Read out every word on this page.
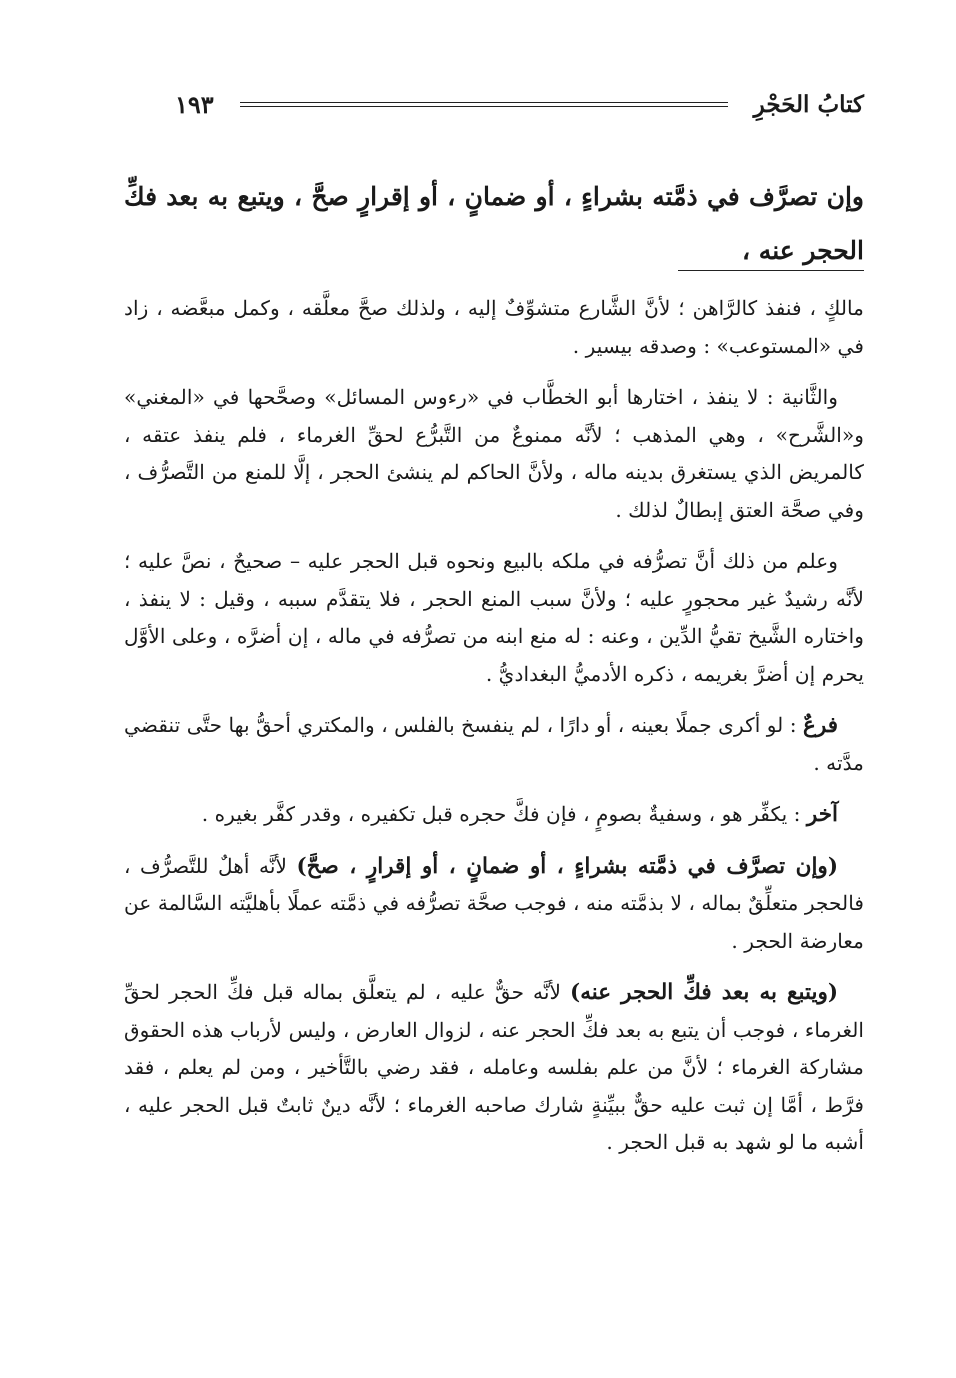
كتابُ الحَجْرِ
١٩٣
وإن تصرَّف في ذمَّته بشراءٍ ، أو ضمانٍ ، أو إقرارٍ صحَّ ، ويتبع به بعد فكِّ الحجر عنه ،

مالكٍ ، فنفذ كالرَّاهن ؛ لأنَّ الشَّارع متشوِّفٌ إليه ، ولذلك صحَّ معلَّقه ، وكمل مبعَّضه ، زاد في «المستوعب» : وصدقه بيسير .

والثَّانية : لا ينفذ ، اختارها أبو الخطَّاب في «رءوس المسائل» وصحَّحها في «المغني» و«الشَّرح» ، وهي المذهب ؛ لأنَّه ممنوعٌ من التَّبرُّع لحقِّ الغرماء ، فلم ينفذ عتقه ، كالمريض الذي يستغرق بدينه ماله ، ولأنَّ الحاكم لم ينشئ الحجر ، إلَّا للمنع من التَّصرُّف ، وفي صحَّة العتق إبطالٌ لذلك .

وعلم من ذلك أنَّ تصرُّفه في ملكه بالبيع ونحوه قبل الحجر عليه – صحيحٌ ، نصَّ عليه ؛ لأنَّه رشيدٌ غير محجورٍ عليه ؛ ولأنَّ سبب المنع الحجر ، فلا يتقدَّم سببه ، وقيل : لا ينفذ ، واختاره الشَّيخ تقيُّ الدِّين ، وعنه : له منع ابنه من تصرُّفه في ماله ، إن أضرَّه ، وعلى الأوَّل يحرم إن أضرَّ بغريمه ، ذكره الأدميُّ البغداديُّ .

فرعٌ : لو أكرى جملًا بعينه ، أو دارًا ، لم ينفسخ بالفلس ، والمكتري أحقُّ بها حتَّى تنقضي مدَّته .

آخر : يكفِّر هو ، وسفيةٌ بصومٍ ، فإن فكَّ حجره قبل تكفيره ، وقدر كفَّر بغيره .

(وإن تصرَّف في ذمَّته بشراءٍ ، أو ضمانٍ ، أو إقرارٍ ، صحَّ) لأنَّه أهلٌ للتَّصرُّف ، فالحجر متعلِّقٌ بماله ، لا بذمَّته منه ، فوجب صحَّة تصرُّفه في ذمَّته عملًا بأهليَّته السَّالمة عن معارضة الحجر .

(ويتبع به بعد فكِّ الحجر عنه) لأنَّه حقٌّ عليه ، لم يتعلَّق بماله قبل فكِّ الحجر لحقِّ الغرماء ، فوجب أن يتبع به بعد فكِّ الحجر عنه ، لزوال العارض ، وليس لأرباب هذه الحقوق مشاركة الغرماء ؛ لأنَّ من علم بفلسه وعامله ، فقد رضي بالتَّأخير ، ومن لم يعلم ، فقد فرَّط ، أمَّا إن ثبت عليه حقٌّ ببيِّنةٍ شارك صاحبه الغرماء ؛ لأنَّه دينٌ ثابتٌ قبل الحجر عليه ، أشبه ما لو شهد به قبل الحجر .
